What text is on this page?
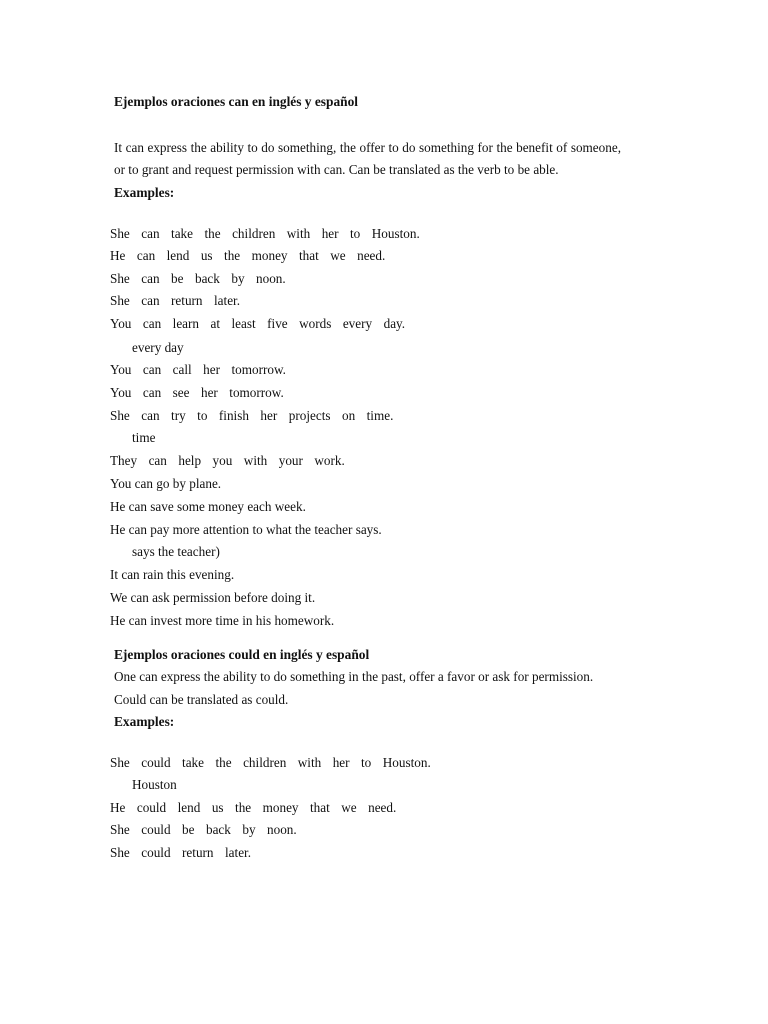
Ejemplos oraciones can en inglés y español

It can express the ability to do something, the offer to do something for the benefit of someone, or to grant and request permission with can. Can be translated as the verb to be able.

Examples:
She can take the children with her to Houston.
He can lend us the money that we need.
She can be back by noon.
She can return later.
You can learn at least five words every day.
every day
You can call her tomorrow.
You can see her tomorrow.
She can try to finish her projects on time.
time
They can help you with your work.
You can go by plane.
He can save some money each week.
He can pay more attention to what the teacher says.
says the teacher)
It can rain this evening.
We can ask permission before doing it.
He can invest more time in his homework.
Ejemplos oraciones could en inglés y español
One can express the ability to do something in the past, offer a favor or ask for permission.
Could can be translated as could.
Examples:
She could take the children with her to Houston.
Houston
He could lend us the money that we need.
She could be back by noon.
She could return later.
